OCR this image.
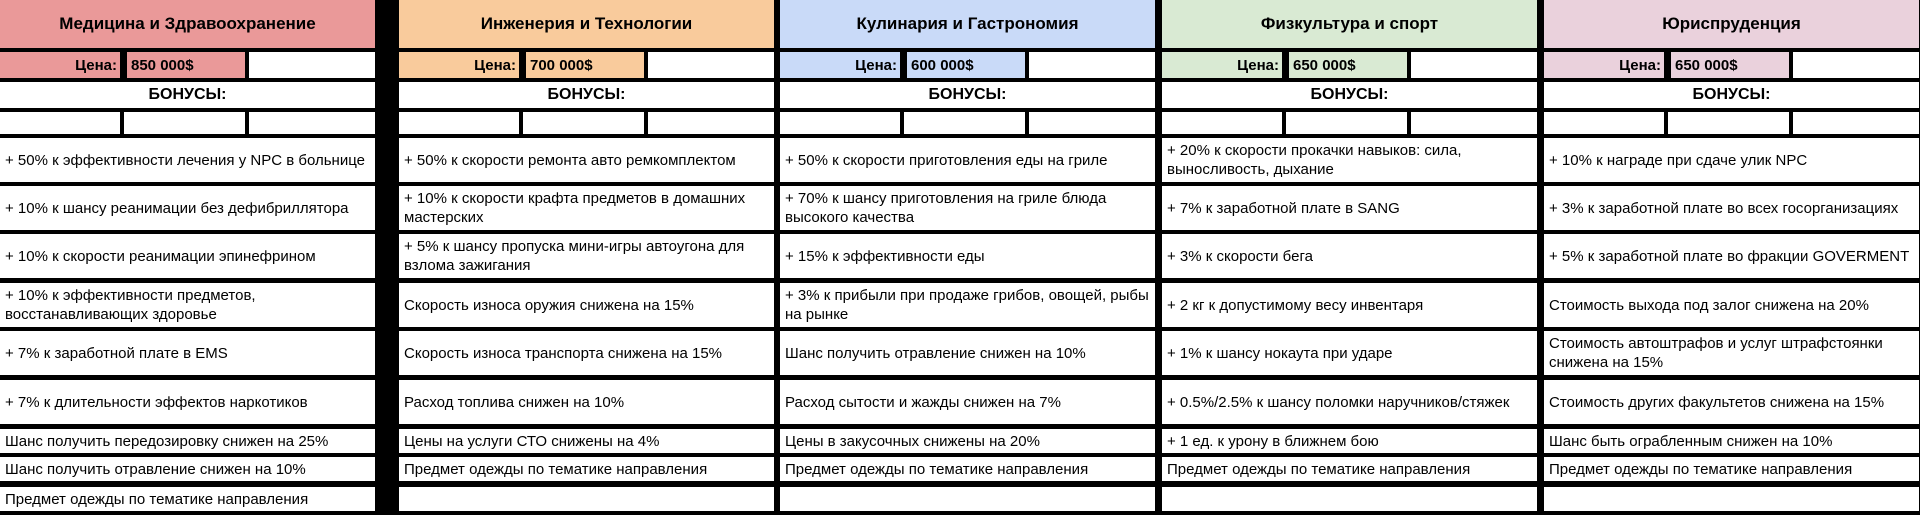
Медицина и Здравоохранение
Цена: 850 000$
БОНУСЫ:
+ 50% к эффективности лечения у NPC в больнице
+ 10% к шансу реанимации без дефибриллятора
+ 10% к скорости реанимации эпинефрином
+ 10% к эффективности предметов, восстанавливающих здоровье
+ 7% к заработной плате в EMS
+ 7% к длительности эффектов наркотиков
Шанс получить передозировку снижен на 25%
Шанс получить отравление снижен на 10%
Предмет одежды по тематике направления
Инженерия и Технологии
Цена: 700 000$
БОНУСЫ:
+ 50% к скорости ремонта авто ремкомплектом
+ 10% к скорости крафта предметов в домашних мастерских
+ 5% к шансу пропуска мини-игры автоугона для взлома зажигания
Скорость износа оружия снижена на 15%
Скорость износа транспорта снижена на 15%
Расход топлива снижен на 10%
Цены на услуги СТО снижены на 4%
Предмет одежды по тематике направления
Кулинария и Гастрономия
Цена: 600 000$
БОНУСЫ:
+ 50% к скорости приготовления еды на гриле
+ 70% к шансу приготовления на гриле блюда высокого качества
+ 15% к эффективности еды
+ 3% к прибыли при продаже грибов, овощей, рыбы на рынке
Шанс получить отравление снижен на 10%
Расход сытости и жажды снижен на 7%
Цены в закусочных снижены на 20%
Предмет одежды по тематике направления
Физкультура и спорт
Цена: 650 000$
БОНУСЫ:
+ 20% к скорости прокачки навыков: сила, выносливость, дыхание
+ 7% к заработной плате в SANG
+ 3% к скорости бега
+ 2 кг к допустимому весу инвентаря
+ 1% к шансу нокаута при ударе
+ 0.5%/2.5% к шансу поломки наручников/стяжек
+ 1 ед. к урону в ближнем бою
Предмет одежды по тематике направления
Юриспруденция
Цена: 650 000$
БОНУСЫ:
+ 10% к награде при сдаче улик NPC
+ 3% к заработной плате во всех госорганизациях
+ 5% к заработной плате во фракции GOVERMENT
Стоимость выхода под залог снижена на 20%
Стоимость автоштрафов и услуг штрафстоянки снижена на 15%
Стоимость других факультетов снижена на 15%
Шанс быть ограбленным снижен на 10%
Предмет одежды по тематике направления
